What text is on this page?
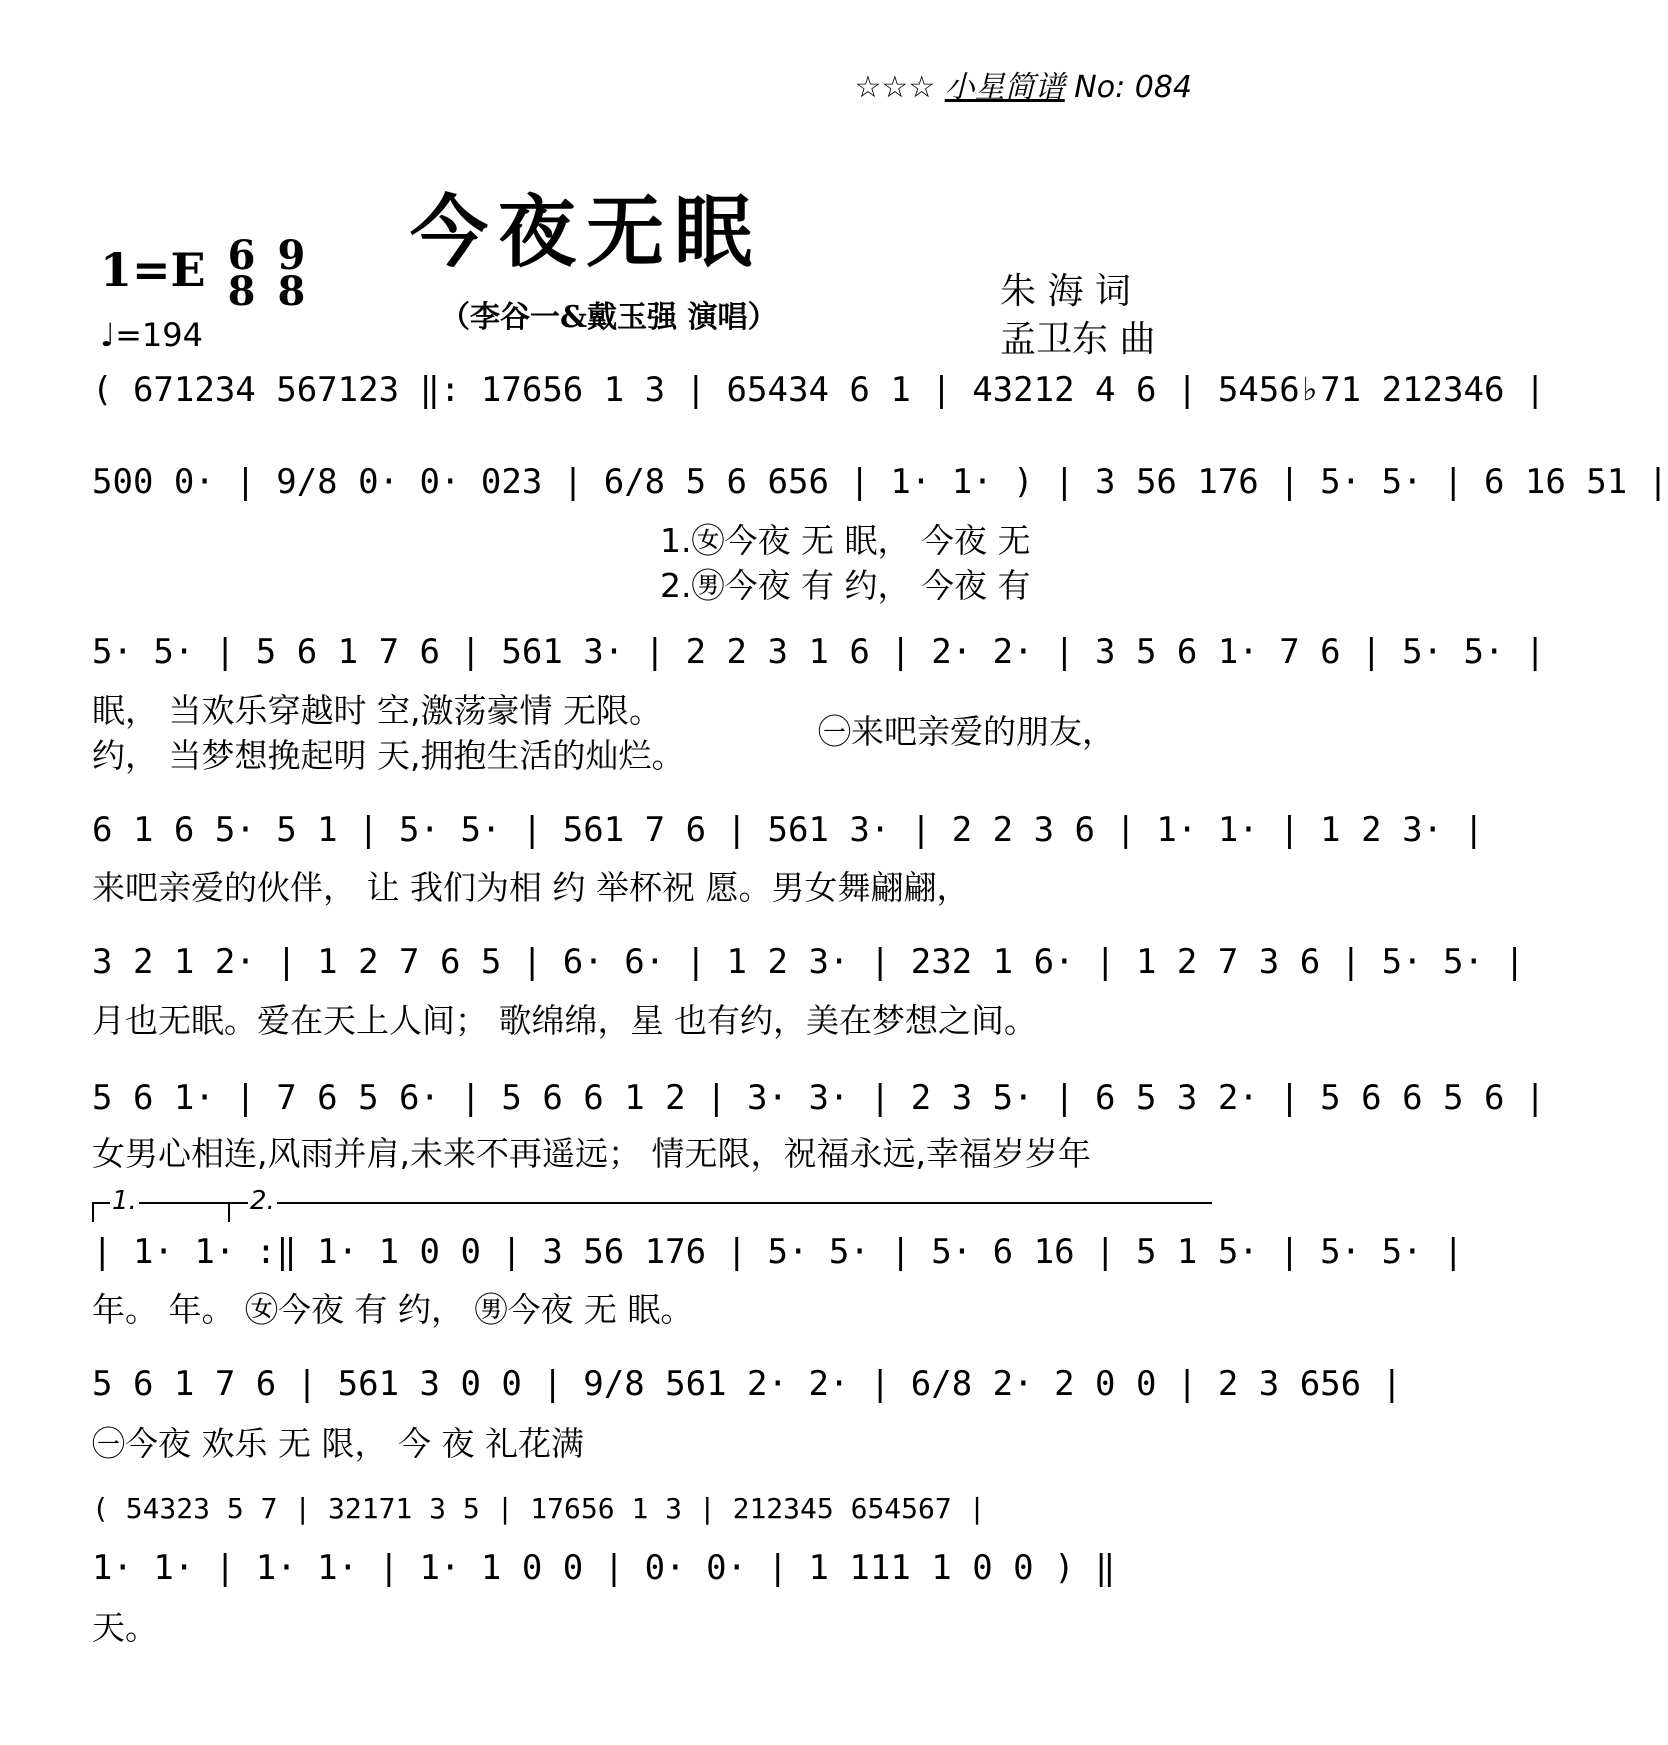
☆☆☆ 小星简谱 No: 084
今夜无眠
（李谷一&戴玉强 演唱）
1=E 6
8

9
8
♩=194
朱 海 词
孟卫东 曲
( 671234 567123 ‖: 17656 1 3 | 65434 6 1 | 43212 4 6 | 5456♭71 212346 |
500 0· | 9/8 0· 0· 023 | 6/8 5 6 656 | 1· 1· ) | 3 56 176 | 5· 5· | 6 16 51 |
1.㊛今夜 无 眠， 今夜 无
2.㊚今夜 有 约， 今夜 有
5· 5· | 5 6 1 7 6 | 561 3· | 2 2 3 1 6 | 2· 2· | 3 5 6 1· 7 6 | 5· 5· |
眠， 当欢乐穿越时 空,激荡豪情 无限。
约， 当梦想挽起明 天,拥抱生活的灿烂。
㊀来吧亲爱的朋友，
6 1 6 5· 5 1 | 5· 5· | 561 7 6 | 561 3· | 2 2 3 6 | 1· 1· | 1 2 3· |
来吧亲爱的伙伴， 让 我们为相 约 举杯祝 愿。男女舞翩翩，
3 2 1 2· | 1 2 7 6 5 | 6· 6· | 1 2 3· | 232 1 6· | 1 2 7 3 6 | 5· 5· |
月也无眠。爱在天上人间； 歌绵绵，星 也有约，美在梦想之间。
5 6 1· | 7 6 5 6· | 5 6 6 1 2 | 3· 3· | 2 3 5· | 6 5 3 2· | 5 6 6 5 6 |
女男心相连,风雨并肩,未来不再遥远； 情无限，祝福永远,幸福岁岁年
1.	2.
| 1· 1· :‖ 1· 1 0 0 | 3 56 176 | 5· 5· | 5· 6 16 | 5 1 5· | 5· 5· |
年。 年。 ㊛今夜 有 约， ㊚今夜 无 眠。
5 6 1 7 6 | 561 3 0 0 | 9/8 561 2· 2· | 6/8 2· 2 0 0 | 2 3 656 |
㊀今夜 欢乐 无 限， 今 夜 礼花满
( 54323 5 7 | 32171 3 5 | 17656 1 3 | 212345 654567 |
1· 1· | 1· 1· | 1· 1 0 0 | 0· 0· | 1 111 1 0 0 ) ‖
天。
